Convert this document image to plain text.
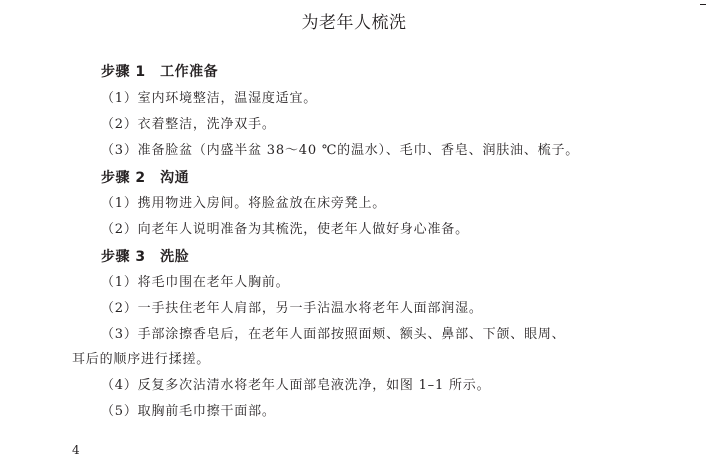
为老年人梳洗
步骤 1　工作准备
（1）室内环境整洁，温湿度适宜。
（2）衣着整洁，洗净双手。
（3）准备脸盆（内盛半盆 38～40 ℃的温水）、毛巾、香皂、润肤油、梳子。
步骤 2　沟通
（1）携用物进入房间。将脸盆放在床旁凳上。
（2）向老年人说明准备为其梳洗，使老年人做好身心准备。
步骤 3　洗脸
（1）将毛巾围在老年人胸前。
（2）一手扶住老年人肩部，另一手沾温水将老年人面部润湿。
（3）手部涂擦香皂后，在老年人面部按照面颊、额头、鼻部、下颌、眼周、
耳后的顺序进行揉搓。
（4）反复多次沾清水将老年人面部皂液洗净，如图 1–1 所示。
（5）取胸前毛巾擦干面部。
4
